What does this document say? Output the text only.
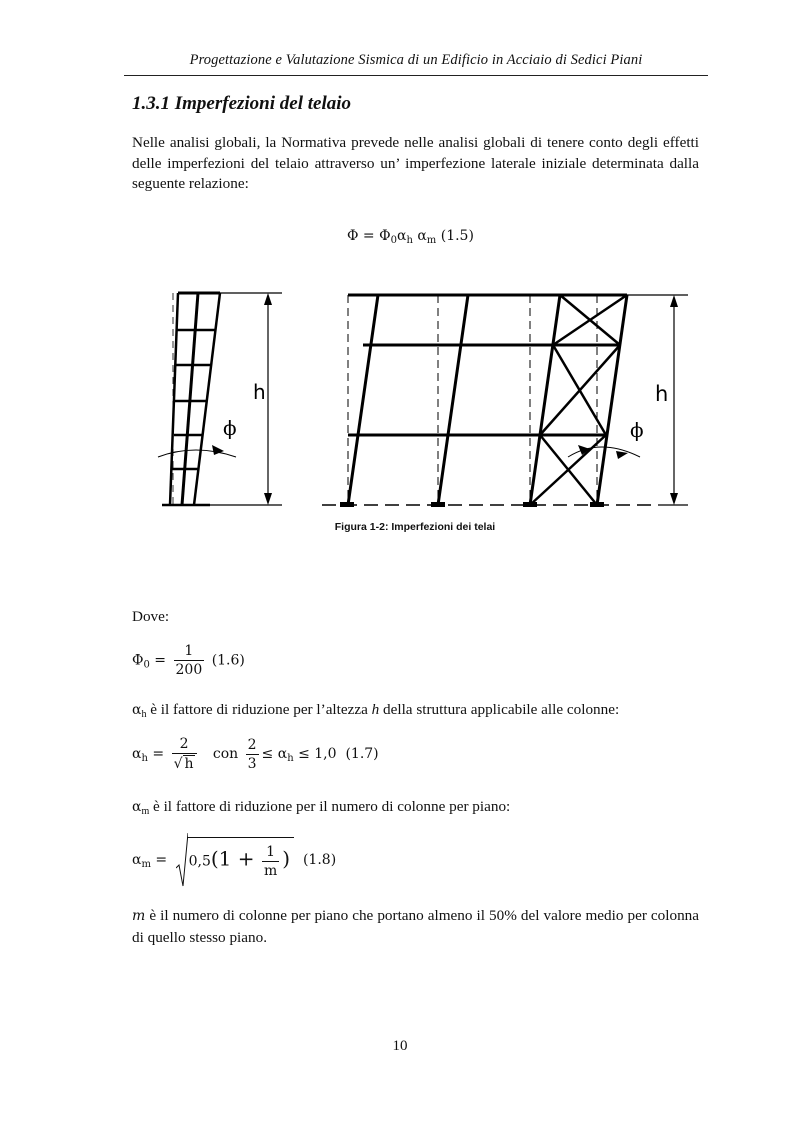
Progettazione e Valutazione Sismica di un Edificio in Acciaio di Sedici Piani
1.3.1 Imperfezioni del telaio

Nelle analisi globali, la Normativa prevede nelle analisi globali di tenere conto degli effetti delle imperfezioni del telaio attraverso un’ imperfezione laterale iniziale determinata dalla seguente relazione:

$\Phi = \Phi_0\alpha_h$ $\alpha_m$ (1.5)
h
ϕ
h
ϕ
Figura 1-2: Imperfezioni dei telai
Dove:
$\Phi_0 = \frac{1}{200} (1.6)$
$\alpha_h$ è il fattore di riduzione per l’altezza h della struttura applicabile alle colonne:
$\alpha_h = \frac{2}{√ h}$ con $\frac{2}{3} \le \alpha_h \le 1,0$ (1.7)
$\alpha_m$ è il fattore di riduzione per il numero di colonne per piano:
$\alpha_m = 0,5(1 + \frac{1}{m}$ ) (1.8)

m è il numero di colonne per piano che portano almeno il 50% del valore medio per colonna di quello stesso piano.

10
